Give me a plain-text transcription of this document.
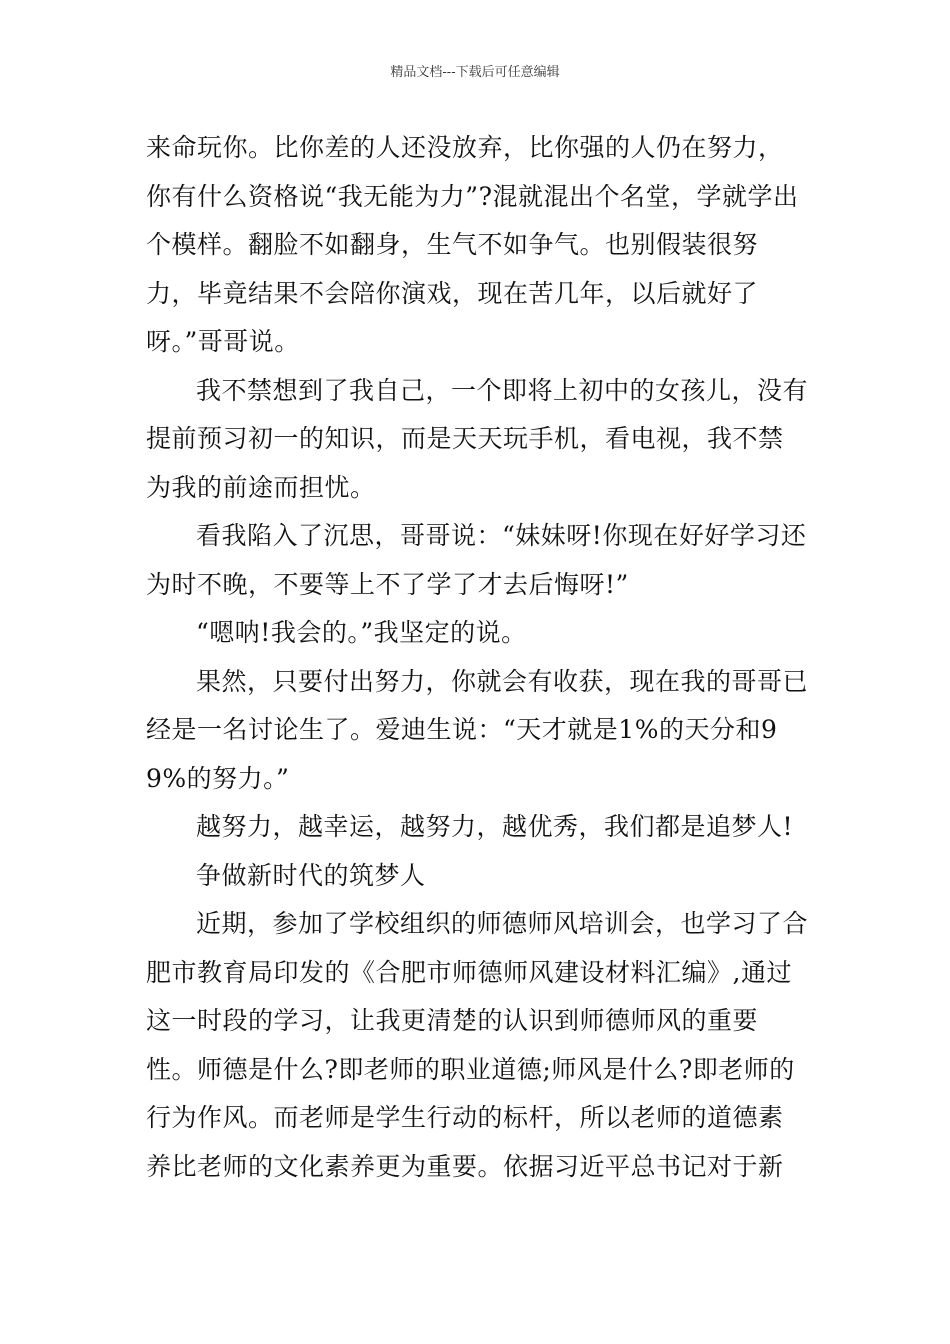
精品文档---下载后可任意编辑

来命玩你。比你差的人还没放弃，比你强的人仍在努力，你有什么资格说“我无能为力”?混就混出个名堂，学就学出个模样。翻脸不如翻身，生气不如争气。也别假装很努力，毕竟结果不会陪你演戏，现在苦几年，以后就好了呀。”哥哥说。

我不禁想到了我自己，一个即将上初中的女孩儿，没有提前预习初一的知识，而是天天玩手机，看电视，我不禁为我的前途而担忧。

看我陷入了沉思，哥哥说：“妹妹呀!你现在好好学习还为时不晚，不要等上不了学了才去后悔呀!”

“嗯呐!我会的。”我坚定的说。

果然，只要付出努力，你就会有收获，现在我的哥哥已经是一名讨论生了。爱迪生说：“天才就是1%的天分和99%的努力。”

越努力，越幸运，越努力，越优秀，我们都是追梦人!

争做新时代的筑梦人

近期，参加了学校组织的师德师风培训会，也学习了合肥市教育局印发的《合肥市师德师风建设材料汇编》,通过这一时段的学习，让我更清楚的认识到师德师风的重要性。师德是什么?即老师的职业道德;师风是什么?即老师的行为作风。而老师是学生行动的标杆，所以老师的道德素养比老师的文化素养更为重要。依据习近平总书记对于新
